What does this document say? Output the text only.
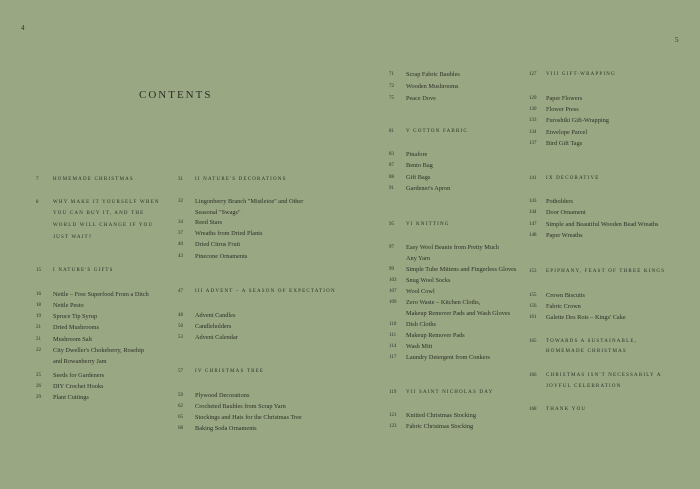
4
5
CONTENTS
7	HOMEMADE CHRISTMAS
8	WHY MAKE IT YOURSELF WHEN
YOU CAN BUY IT, AND THE
WORLD WILL CHANGE IF YOU
JUST WAIT?
15	I NATURE'S GIFTS
16	Nettle – Free Superfood From a Ditch
18	Nettle Pesto
19	Spruce Tip Syrup
21	Dried Mushrooms
21	Mushroom Salt
22	City Dweller's Chokeberry, Rosehip
and Rowanberry Jam
25	Seeds for Gardeners
26	DIY Crochet Hooks
29	Plant Cuttings
31	II NATURE'S DECORATIONS
32	Lingonberry Branch "Mistletoe" and Other
Seasonal "Swags"
34	Reed Stars
37	Wreaths from Dried Plants
40	Dried Citrus Fruit
43	Pinecone Ornaments
47	III ADVENT – A SEASON OF EXPECTATION
48	Advent Candles
50	Candleholders
53	Advent Calendar
57	IV CHRISTMAS TREE
59	Plywood Decorations
62	Crocheted Baubles from Scrap Yarn
65	Stockings and Hats for the Christmas Tree
68	Baking Soda Ornaments
71	Scrap Fabric Baubles
72	Wooden Mushrooms
75	Peace Dove
81	V COTTON FABRIC
83	Pinafore
87	Bento Bag
88	Gift Bags
91	Gardener's Apron
95	VI KNITTING
97	Easy Wool Beanie from Pretty Much
Any Yarn
99	Simple Tube Mittens and Fingerless Gloves
103	Snug Wool Socks
107	Wool Cowl
109	Zero Waste – Kitchen Cloths,
Makeup Remover Pads and Wash Gloves
110	Dish Cloths
111	Makeup Remover Pads
114	Wash Mitt
117	Laundry Detergent from Conkers
119	VII SAINT NICHOLAS DAY
121	Knitted Christmas Stocking
123	Fabric Christmas Stocking
127	VIII GIFT-WRAPPING
129	Paper Flowers
130	Flower Press
133	Furoshiki Gift-Wrapping
134	Envelope Parcel
137	Bird Gift Tags
141	IX DECORATIVE
143	Potholders
144	Door Ornament
147	Simple and Beautiful Wooden Bead Wreaths
148	Paper Wreaths
153	EPIPHANY, FEAST OF THREE KINGS
155	Crown Biscuits
156	Fabric Crown
161	Galette Des Rois – Kings' Cake
165	TOWARDS A SUSTAINABLE,
HOMEMADE CHRISTMAS
166	CHRISTMAS ISN'T NECESSARILY A
JOYFUL CELEBRATION
168	THANK YOU
